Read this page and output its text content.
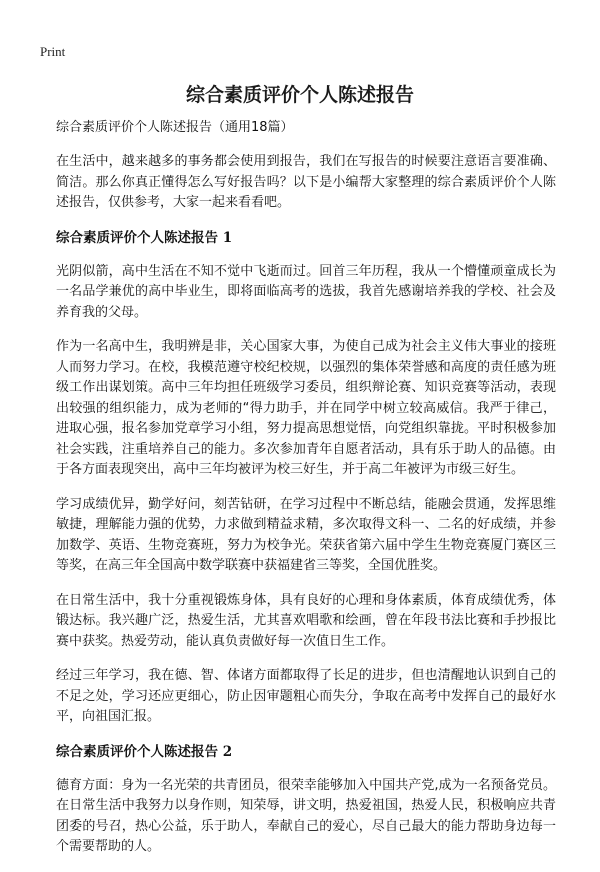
Print
综合素质评价个人陈述报告

综合素质评价个人陈述报告（通用18篇）

在生活中，越来越多的事务都会使用到报告，我们在写报告的时候要注意语言要准确、简洁。那么你真正懂得怎么写好报告吗？以下是小编帮大家整理的综合素质评价个人陈述报告，仅供参考，大家一起来看看吧。

综合素质评价个人陈述报告 1

光阴似箭，高中生活在不知不觉中飞逝而过。回首三年历程，我从一个懵懂顽童成长为一名品学兼优的高中毕业生，即将面临高考的选拔，我首先感谢培养我的学校、社会及养育我的父母。

作为一名高中生，我明辨是非，关心国家大事，为使自己成为社会主义伟大事业的接班人而努力学习。在校，我模范遵守校纪校规，以强烈的集体荣誉感和高度的责任感为班级工作出谋划策。高中三年均担任班级学习委员，组织辩论赛、知识竞赛等活动，表现出较强的组织能力，成为老师的“得力助手，并在同学中树立较高威信。我严于律己，进取心强，报名参加党章学习小组，努力提高思想觉悟，向党组织靠拢。平时积极参加社会实践，注重培养自己的能力。多次参加青年自愿者活动，具有乐于助人的品德。由于各方面表现突出，高中三年均被评为校三好生，并于高二年被评为市级三好生。

学习成绩优异，勤学好问，刻苦钻研，在学习过程中不断总结，能融会贯通，发挥思维敏捷，理解能力强的优势，力求做到精益求精，多次取得文科一、二名的好成绩，并参加数学、英语、生物竞赛班，努力为校争光。荣获省第六届中学生生物竞赛厦门赛区三等奖，在高三年全国高中数学联赛中获福建省三等奖，全国优胜奖。

在日常生活中，我十分重视锻炼身体，具有良好的心理和身体素质，体育成绩优秀，体锻达标。我兴趣广泛，热爱生活，尤其喜欢唱歌和绘画，曾在年段书法比赛和手抄报比赛中获奖。热爱劳动，能认真负责做好每一次值日生工作。

经过三年学习，我在德、智、体诸方面都取得了长足的进步，但也清醒地认识到自己的不足之处，学习还应更细心，防止因审题粗心而失分，争取在高考中发挥自己的最好水平，向祖国汇报。

综合素质评价个人陈述报告 2

德育方面：身为一名光荣的共青团员，很荣幸能够加入中国共产党,成为一名预备党员。在日常生活中我努力以身作则，知荣辱，讲文明，热爱祖国，热爱人民，积极响应共青团委的号召，热心公益，乐于助人，奉献自己的爱心，尽自己最大的能力帮助身边每一个需要帮助的人。
